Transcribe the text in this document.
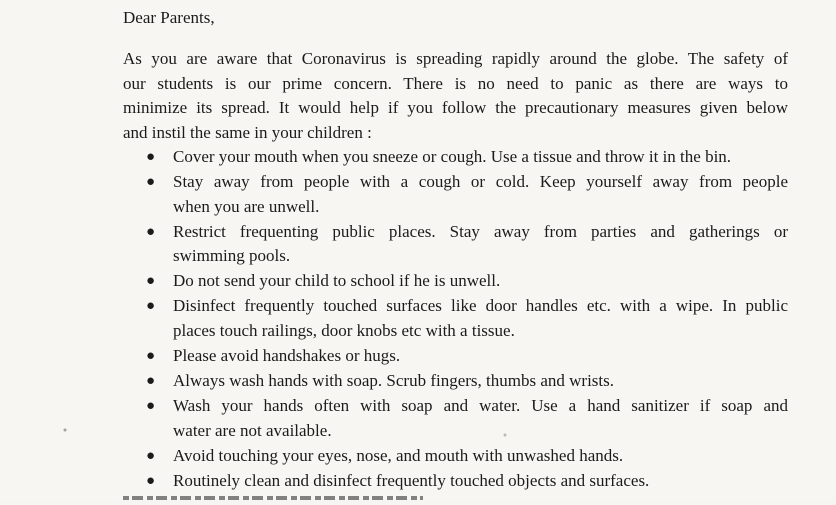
Dear Parents,

As you are aware that Coronavirus is spreading rapidly around the globe. The safety of
our students is our prime concern. There is no need to panic as there are ways to
minimize its spread. It would help if you follow the precautionary measures given below
and instil the same in your children :

● Cover your mouth when you sneeze or cough. Use a tissue and throw it in the bin.
● Stay away from people with a cough or cold. Keep yourself away from people
when you are unwell.
● Restrict frequenting public places. Stay away from parties and gatherings or
swimming pools.
● Do not send your child to school if he is unwell.
● Disinfect frequently touched surfaces like door handles etc. with a wipe. In public
places touch railings, door knobs etc with a tissue.
● Please avoid handshakes or hugs.
● Always wash hands with soap. Scrub fingers, thumbs and wrists.
● Wash your hands often with soap and water. Use a hand sanitizer if soap and
water are not available.
● Avoid touching your eyes, nose, and mouth with unwashed hands.
● Routinely clean and disinfect frequently touched objects and surfaces.
